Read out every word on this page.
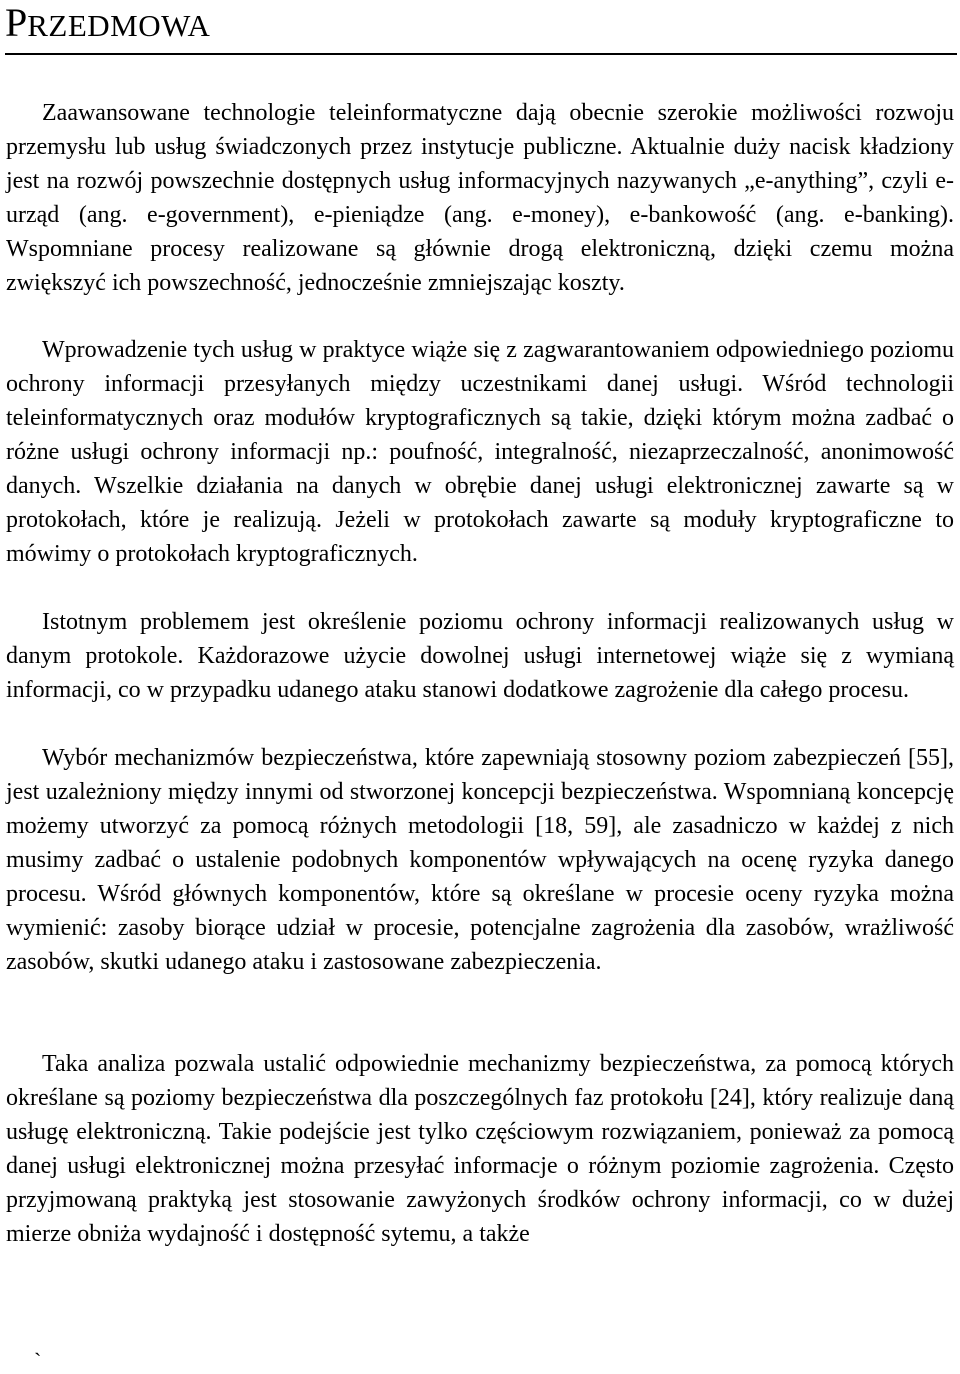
PRZEDMOWA

Zaawansowane technologie teleinformatyczne dają obecnie szerokie możliwości rozwoju przemysłu lub usług świadczonych przez instytucje publiczne. Aktualnie duży nacisk kładziony jest na rozwój powszechnie dostępnych usług informacyjnych nazywanych „e-anything”, czyli e-urząd (ang. e-government), e-pieniądze (ang. e-money), e-bankowość (ang. e-banking). Wspomniane procesy realizowane są głównie drogą elektroniczną, dzięki czemu można zwiększyć ich powszechność, jednocześnie zmniejszając koszty.

Wprowadzenie tych usług w praktyce wiąże się z zagwarantowaniem odpowiedniego poziomu ochrony informacji przesyłanych między uczestnikami danej usługi. Wśród technologii teleinformatycznych oraz modułów kryptograficznych są takie, dzięki którym można zadbać o różne usługi ochrony informacji np.: poufność, integralność, niezaprzeczalność, anonimowość danych. Wszelkie działania na danych w obrębie danej usługi elektronicznej zawarte są w protokołach, które je realizują. Jeżeli w protokołach zawarte są moduły kryptograficzne to mówimy o protokołach kryptograficznych.

Istotnym problemem jest określenie poziomu ochrony informacji realizowanych usług w danym protokole. Każdorazowe użycie dowolnej usługi internetowej wiąże się z wymianą informacji, co w przypadku udanego ataku stanowi dodatkowe zagrożenie dla całego procesu.

Wybór mechanizmów bezpieczeństwa, które zapewniają stosowny poziom zabezpieczeń [55], jest uzależniony między innymi od stworzonej koncepcji bezpieczeństwa. Wspomnianą koncepcję możemy utworzyć za pomocą różnych metodologii [18, 59], ale zasadniczo w każdej z nich musimy zadbać o ustalenie podobnych komponentów wpływających na ocenę ryzyka danego procesu. Wśród głównych komponentów, które są określane w procesie oceny ryzyka można wymienić: zasoby biorące udział w procesie, potencjalne zagrożenia dla zasobów, wrażliwość zasobów, skutki udanego ataku i zastosowane zabezpieczenia.

Taka analiza pozwala ustalić odpowiednie mechanizmy bezpieczeństwa, za pomocą których określane są poziomy bezpieczeństwa dla poszczególnych faz protokołu [24], który realizuje daną usługę elektroniczną. Takie podejście jest tylko częściowym rozwiązaniem, ponieważ za pomocą danej usługi elektronicznej można przesyłać informacje o różnym poziomie zagrożenia. Często przyjmowaną praktyką jest stosowanie zawyżonych środków ochrony informacji, co w dużej mierze obniża wydajność i dostępność sytemu, a także

`
